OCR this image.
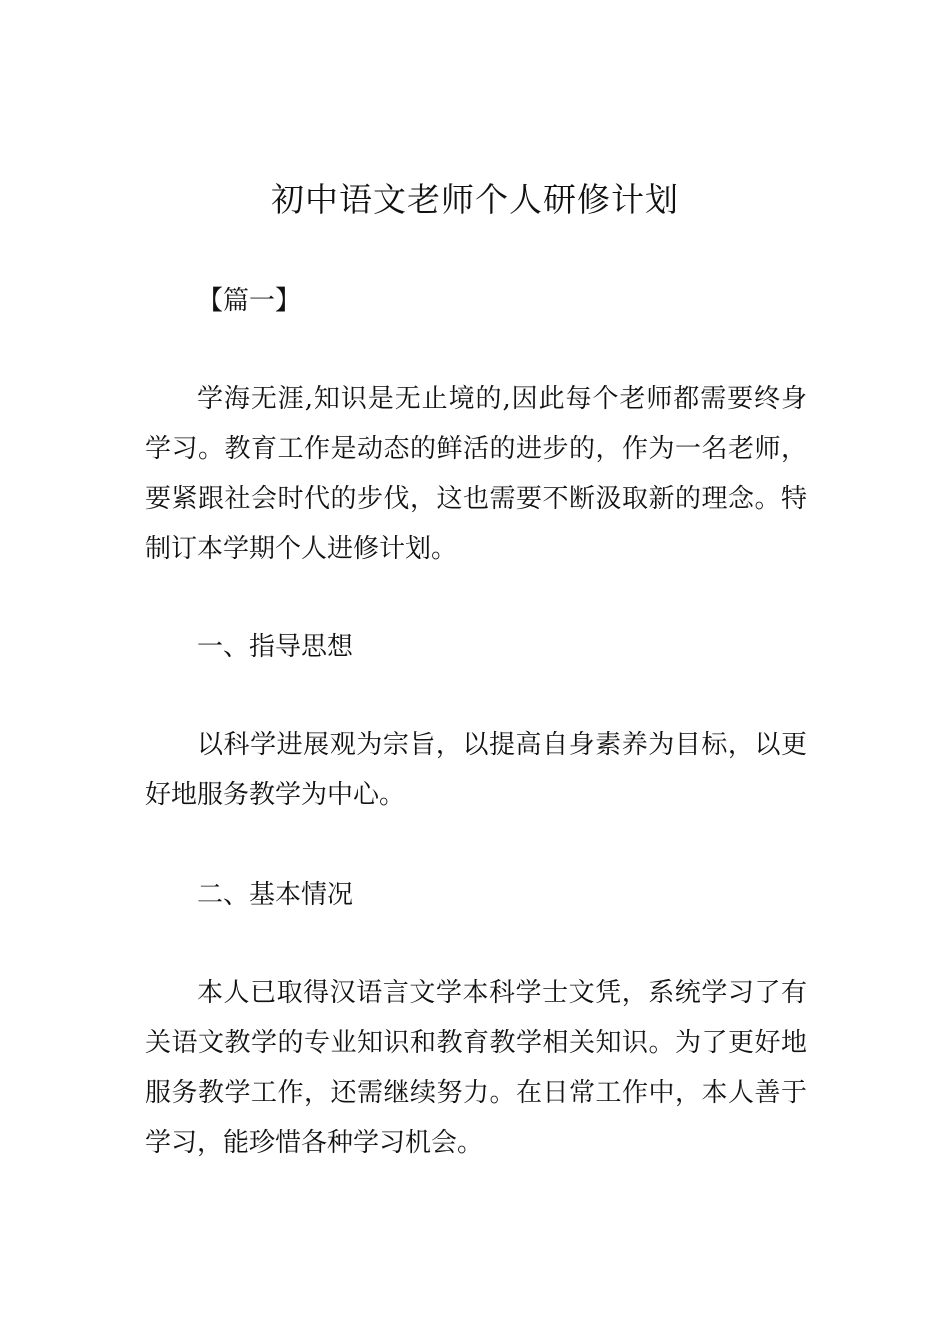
初中语文老师个人研修计划

【篇一】

学海无涯,知识是无止境的,因此每个老师都需要终身学习。教育工作是动态的鲜活的进步的，作为一名老师，要紧跟社会时代的步伐，这也需要不断汲取新的理念。特制订本学期个人进修计划。

一、指导思想

以科学进展观为宗旨，以提高自身素养为目标，以更好地服务教学为中心。

二、基本情况

本人已取得汉语言文学本科学士文凭，系统学习了有关语文教学的专业知识和教育教学相关知识。为了更好地服务教学工作，还需继续努力。在日常工作中，本人善于学习，能珍惜各种学习机会。
